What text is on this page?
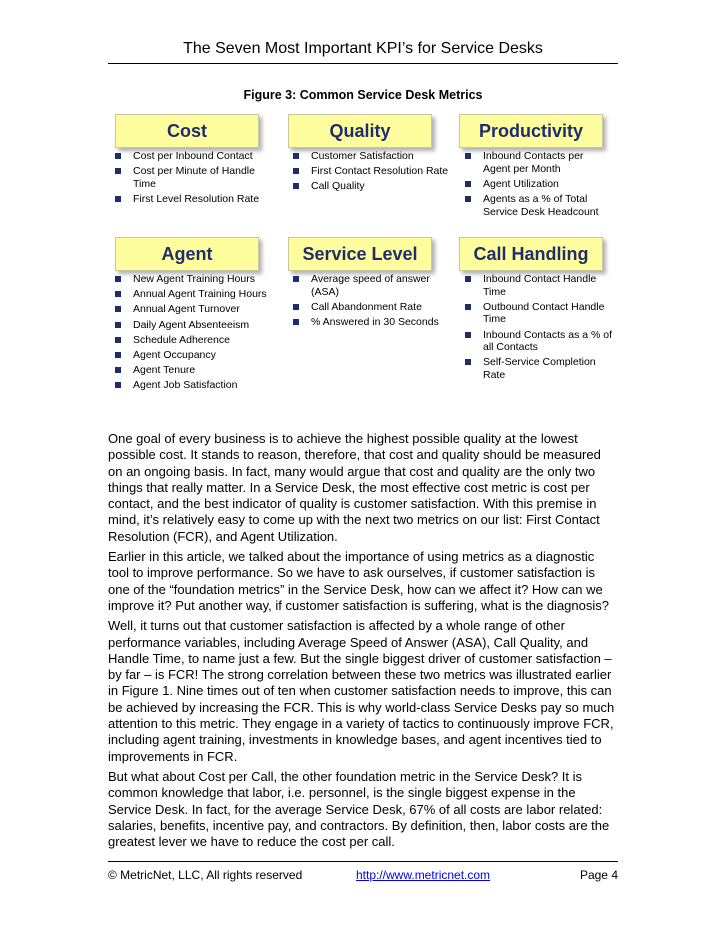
The Seven Most Important KPI’s for Service Desks
Figure 3: Common Service Desk Metrics
Cost	Quality	Productivity
Cost per Inbound Contact
Cost per Minute of Handle Time
First Level Resolution Rate
Customer Satisfaction
First Contact Resolution Rate
Call Quality
Inbound Contacts per Agent per Month
Agent Utilization
Agents as a % of Total Service Desk Headcount
Agent	Service Level	Call Handling
New Agent Training Hours
Annual Agent Training Hours
Annual Agent Turnover
Daily Agent Absenteeism
Schedule Adherence
Agent Occupancy
Agent Tenure
Agent Job Satisfaction
Average speed of answer (ASA)
Call Abandonment Rate
% Answered in 30 Seconds
Inbound Contact Handle Time
Outbound Contact Handle Time
Inbound Contacts as a % of all Contacts
Self-Service Completion Rate

One goal of every business is to achieve the highest possible quality at the lowest possible cost. It stands to reason, therefore, that cost and quality should be measured on an ongoing basis. In fact, many would argue that cost and quality are the only two things that really matter. In a Service Desk, the most effective cost metric is cost per contact, and the best indicator of quality is customer satisfaction. With this premise in mind, it’s relatively easy to come up with the next two metrics on our list: First Contact Resolution (FCR), and Agent Utilization.

Earlier in this article, we talked about the importance of using metrics as a diagnostic tool to improve performance. So we have to ask ourselves, if customer satisfaction is one of the “foundation metrics” in the Service Desk, how can we affect it? How can we improve it? Put another way, if customer satisfaction is suffering, what is the diagnosis?

Well, it turns out that customer satisfaction is affected by a whole range of other performance variables, including Average Speed of Answer (ASA), Call Quality, and Handle Time, to name just a few. But the single biggest driver of customer satisfaction – by far – is FCR! The strong correlation between these two metrics was illustrated earlier in Figure 1. Nine times out of ten when customer satisfaction needs to improve, this can be achieved by increasing the FCR. This is why world-class Service Desks pay so much attention to this metric. They engage in a variety of tactics to continuously improve FCR, including agent training, investments in knowledge bases, and agent incentives tied to improvements in FCR.

But what about Cost per Call, the other foundation metric in the Service Desk? It is common knowledge that labor, i.e. personnel, is the single biggest expense in the Service Desk. In fact, for the average Service Desk, 67% of all costs are labor related: salaries, benefits, incentive pay, and contractors. By definition, then, labor costs are the greatest lever we have to reduce the cost per call.

© MetricNet, LLC, All rights reserved	http://www.metricnet.com	Page 4
